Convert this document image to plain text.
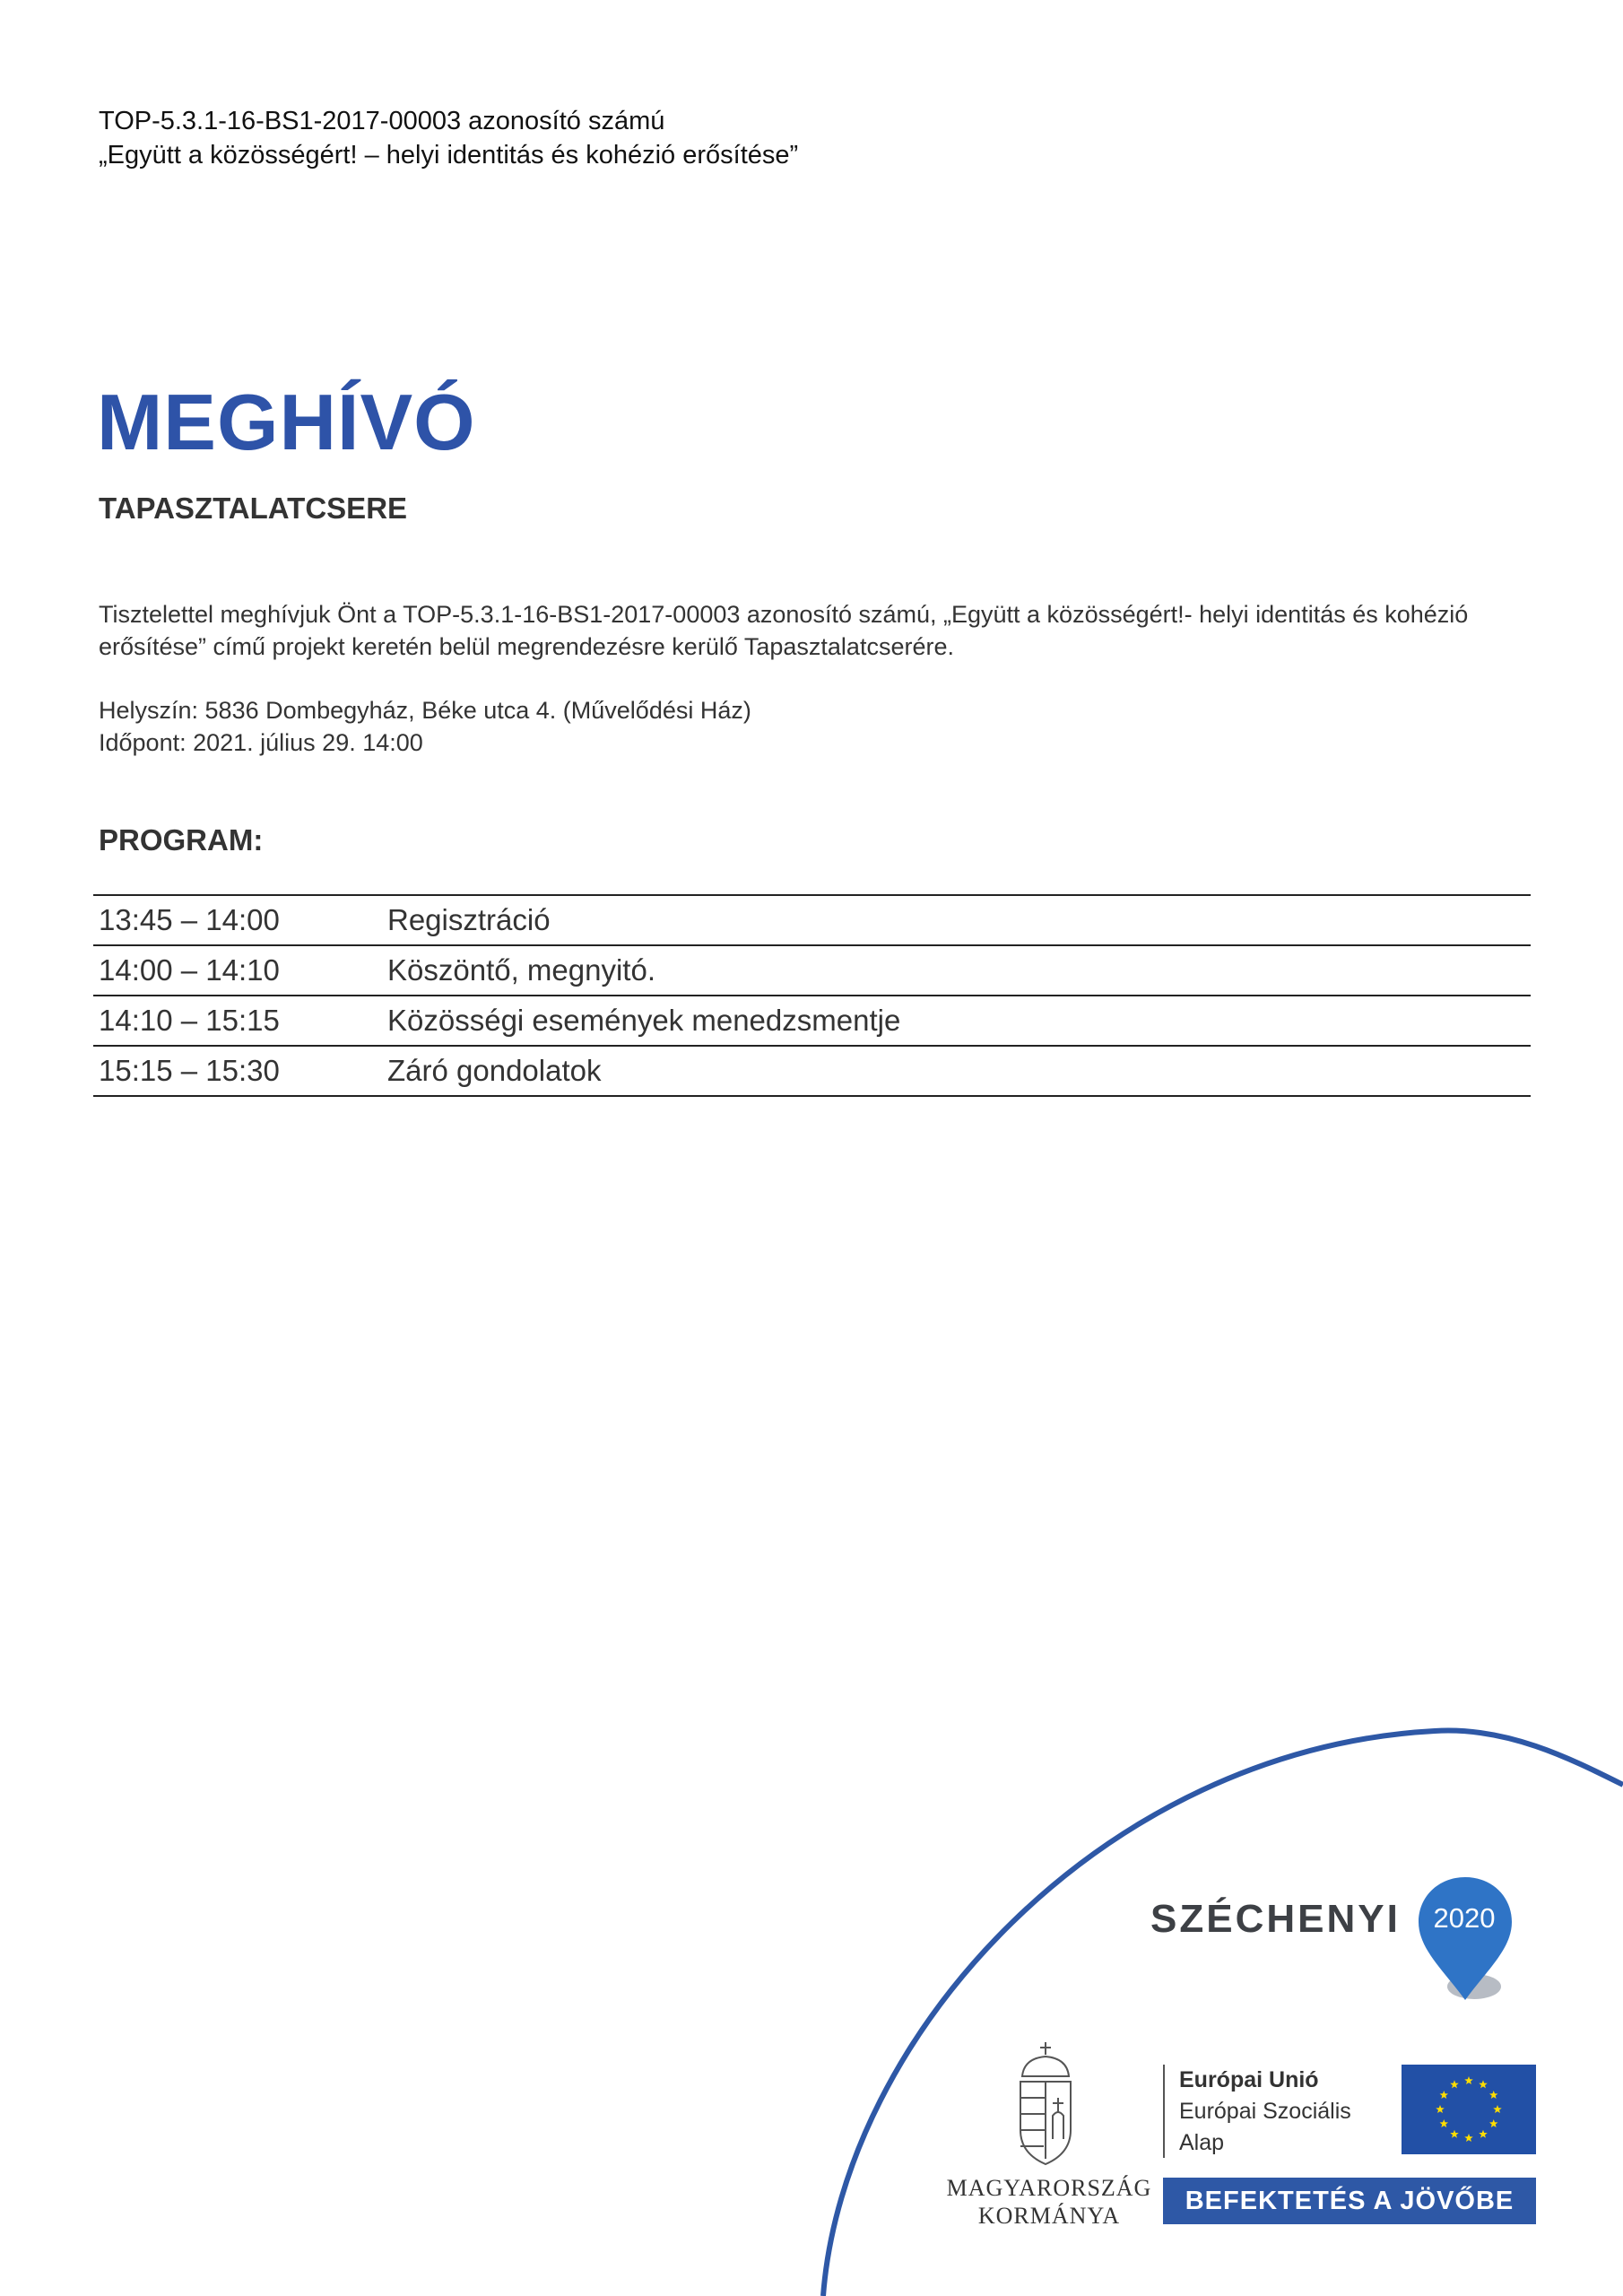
TOP-5.3.1-16-BS1-2017-00003 azonosító számú
„Együtt a közösségért! – helyi identitás és kohézió erősítése”
MEGHÍVÓ
TAPASZTALATCSERE
Tisztelettel meghívjuk Önt a TOP-5.3.1-16-BS1-2017-00003 azonosító számú, „Együtt a közösségért!- helyi identitás és kohézió erősítése” című projekt keretén belül megrendezésre kerülő Tapasztalatcserére.
Helyszín: 5836 Dombegyház, Béke utca 4. (Művelődési Ház)
Időpont: 2021. július 29. 14:00
PROGRAM:
13:45 – 14:00	Regisztráció
14:00 – 14:10	Köszöntő, megnyitó.
14:10 – 15:15	Közösségi események menedzsmentje
15:15 – 15:30	Záró gondolatok
SZÉCHENYI 2020
MAGYARORSZÁG
KORMÁNYA
Európai Unió
Európai Szociális
Alap
BEFEKTETÉS A JÖVŐBE
